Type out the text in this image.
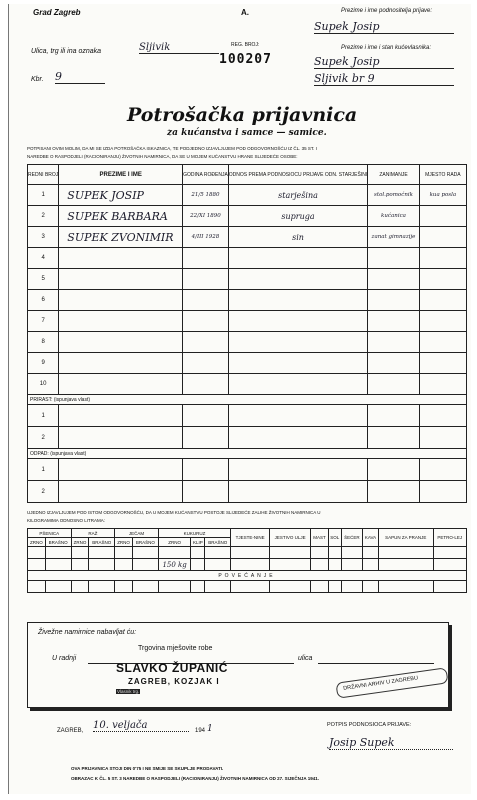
Grad Zagreb
Ulica, trg ili ina oznaka	Sljivik
Kbr. 9
A.
REG. BROJ:
100207
Prezime i ime podnositelja prijave:
Supek Josip
Prezime i ime i stan kućevlasnika:
Supek Josip
Sljivik br 9
Potrošačka prijavnica
za kućanstva i samce — samice.
POTPISANI OVIM MOLIM, DA MI SE IZDA POTROŠAČKA ISKAZNICA, TE PODJEDNO IZJAVLJUJEM POD ODGOVORNOŠĆU IZ ČL. 35 ST. I
NAREDBE O RASPODJELI (RACIONIRANJU) ŽIVOTNIH NAMIRNICA, DA SE U MOJEM KUĆANSTVU HRANE SLIJEDEĆE OSOBE:
REDNI BROJ	PREZIME I IME	GODINA ROĐENJA	ODNOS PREMA PODNOSIOCU PRIJAVE ODN. STARJEŠINI	ZANIMANJE	MJESTO RADA
1	SUPEK JOSIP	21/5 1880	starješina	stol.pomoćnik	kua posla
2	SUPEK BARBARA	22/XI 1890	supruga	kućanica	
3	SUPEK ZVONIMIR	4/III 1928	sin	zanat gimnazije	
4					
5					
6					
7					
8					
9					
10					
PRIRAST: (ispunjava vlast)					
1					
2					
ODPAD: (ispunjava vlast)					
1					
2					
UJEDNO IZJAVLJUJEM POD ISTOM ODGOVORNOŠĆU, DA U MOJEM KUĆANSTVU POSTOJE SLIJEDEĆE ZALIHE ŽIVOTNIH NAMIRNICA U
KILOGRAMIMA ODNOSNO LITRAMA:
PŠENICA		RAŽ		JEČAM		KUKURUZ			TJESTE-NINE	JESTIVO ULJE	MAST	SOL	ŠEĆER	KAVA	SAPUN ZA PRANJE	PETRO-LEJ
ZRNO	BRAŠNO	ZRNO	BRAŠNO	ZRNO	BRAŠNO	ZRNO	KLIP	BRAŠNO								

						150 kg										
POVEĆANJE																

Živežne namirnice nabavljat ću:
U radnji	ulica
Trgovina mješovite robe
SLAVKO ŽUPANIĆ
ZAGREB, KOZJAK I
Vlasnik trg.	DRŽAVNI ARHIV U ZAGREBU
ZAGREB, 10. veljača	194 1	POTPIS PODNOSIOCA PRIJAVE:
Josip Supek
OVA PRIJAVNICA STOJI DIN 0'75 I NE SMIJE SE SKUPLJE PRODAVATI.
OBRAZAC K ČL. 5 ST. 3 NAREDBE O RASPODJELI (RACIONIRANJU) ŽIVOTNIH NAMIRNICA OD 27. SIJEČNJA 1941.
